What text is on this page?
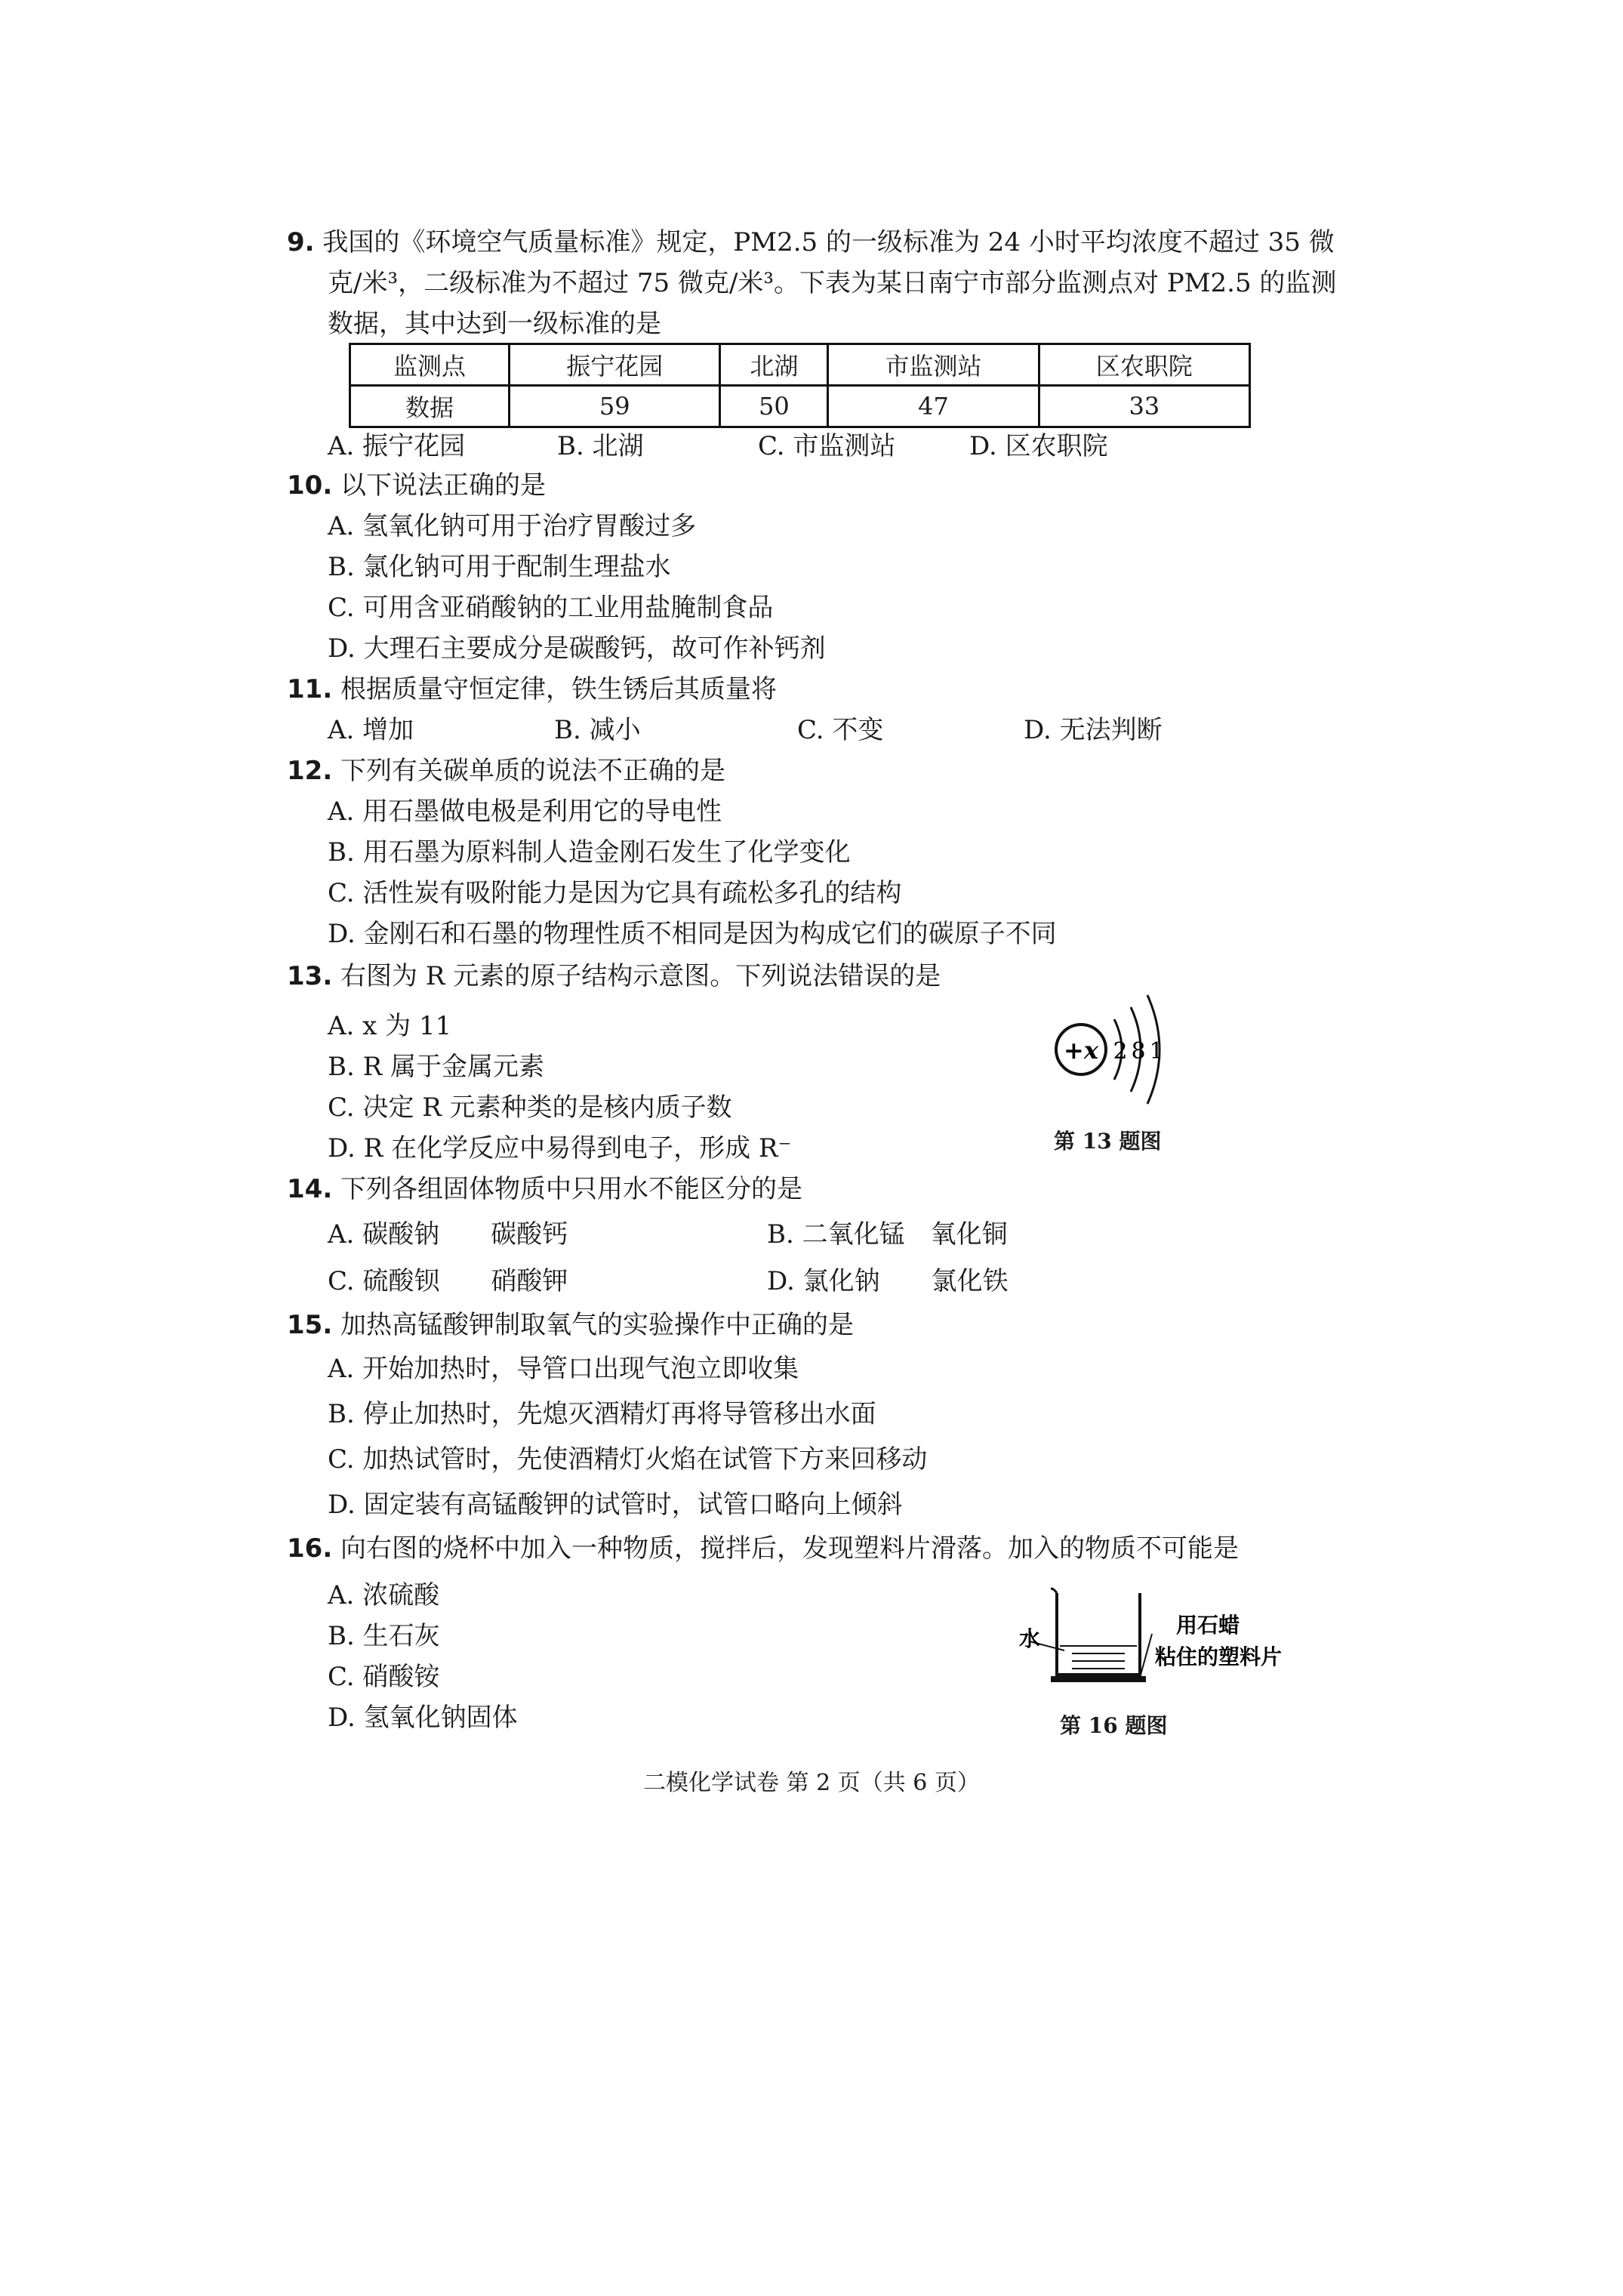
9. 我国的《环境空气质量标准》规定，PM2.5 的一级标准为 24 小时平均浓度不超过 35 微
克/米³，二级标准为不超过 75 微克/米³。下表为某日南宁市部分监测点对 PM2.5 的监测
数据，其中达到一级标准的是
监测点	振宁花园	北湖	市监测站	区农职院
数据	59	50	47	33
A. 振宁花园	B. 北湖	C. 市监测站	D. 区农职院
10. 以下说法正确的是
A. 氢氧化钠可用于治疗胃酸过多
B. 氯化钠可用于配制生理盐水
C. 可用含亚硝酸钠的工业用盐腌制食品
D. 大理石主要成分是碳酸钙，故可作补钙剂
11. 根据质量守恒定律，铁生锈后其质量将
A. 增加	B. 减小	C. 不变	D. 无法判断
12. 下列有关碳单质的说法不正确的是
A. 用石墨做电极是利用它的导电性
B. 用石墨为原料制人造金刚石发生了化学变化
C. 活性炭有吸附能力是因为它具有疏松多孔的结构
D. 金刚石和石墨的物理性质不相同是因为构成它们的碳原子不同
13. 右图为 R 元素的原子结构示意图。下列说法错误的是
A. x 为 11
B. R 属于金属元素
C. 决定 R 元素种类的是核内质子数
D. R 在化学反应中易得到电子，形成 R⁻
+x 2 8 1
第 13 题图
14. 下列各组固体物质中只用水不能区分的是
A. 碳酸钠　　碳酸钙	B. 二氧化锰　氧化铜
C. 硫酸钡　　硝酸钾	D. 氯化钠　　氯化铁
15. 加热高锰酸钾制取氧气的实验操作中正确的是
A. 开始加热时，导管口出现气泡立即收集
B. 停止加热时，先熄灭酒精灯再将导管移出水面
C. 加热试管时，先使酒精灯火焰在试管下方来回移动
D. 固定装有高锰酸钾的试管时，试管口略向上倾斜
16. 向右图的烧杯中加入一种物质，搅拌后，发现塑料片滑落。加入的物质不可能是
A. 浓硫酸
B. 生石灰
C. 硝酸铵
D. 氢氧化钠固体
水
用石蜡
粘住的塑料片
第 16 题图
二模化学试卷 第 2 页（共 6 页）
